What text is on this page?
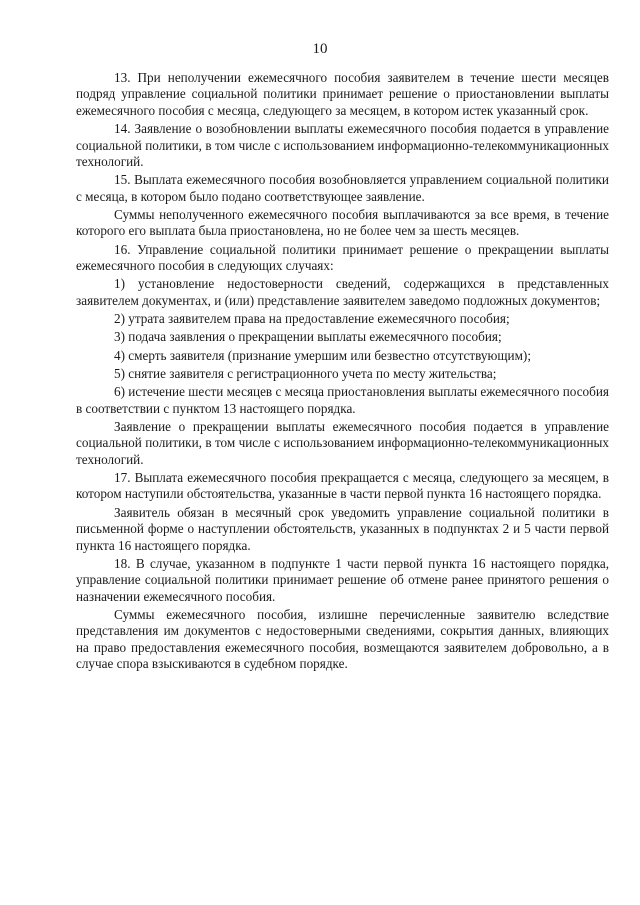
10

13. При неполучении ежемесячного пособия заявителем в течение шести месяцев подряд управление социальной политики принимает решение о приостановлении выплаты ежемесячного пособия с месяца, следующего за месяцем, в котором истек указанный срок.

14. Заявление о возобновлении выплаты ежемесячного пособия подается в управление социальной политики, в том числе с использованием информационно-телекоммуникационных технологий.

15. Выплата ежемесячного пособия возобновляется управлением социальной политики с месяца, в котором было подано соответствующее заявление.

Суммы неполученного ежемесячного пособия выплачиваются за все время, в течение которого его выплата была приостановлена, но не более чем за шесть месяцев.

16. Управление социальной политики принимает решение о прекращении выплаты ежемесячного пособия в следующих случаях:

1) установление недостоверности сведений, содержащихся в представленных заявителем документах, и (или) представление заявителем заведомо подложных документов;

2) утрата заявителем права на предоставление ежемесячного пособия;

3) подача заявления о прекращении выплаты ежемесячного пособия;

4) смерть заявителя (признание умершим или безвестно отсутствующим);

5) снятие заявителя с регистрационного учета по месту жительства;

6) истечение шести месяцев с месяца приостановления выплаты ежемесячного пособия в соответствии с пунктом 13 настоящего порядка.

Заявление о прекращении выплаты ежемесячного пособия подается в управление социальной политики, в том числе с использованием информационно-телекоммуникационных технологий.

17. Выплата ежемесячного пособия прекращается с месяца, следующего за месяцем, в котором наступили обстоятельства, указанные в части первой пункта 16 настоящего порядка.

Заявитель обязан в месячный срок уведомить управление социальной политики в письменной форме о наступлении обстоятельств, указанных в подпунктах 2 и 5 части первой пункта 16 настоящего порядка.

18. В случае, указанном в подпункте 1 части первой пункта 16 настоящего порядка, управление социальной политики принимает решение об отмене ранее принятого решения о назначении ежемесячного пособия.

Суммы ежемесячного пособия, излишне перечисленные заявителю вследствие представления им документов с недостоверными сведениями, сокрытия данных, влияющих на право предоставления ежемесячного пособия, возмещаются заявителем добровольно, а в случае спора взыскиваются в судебном порядке.
